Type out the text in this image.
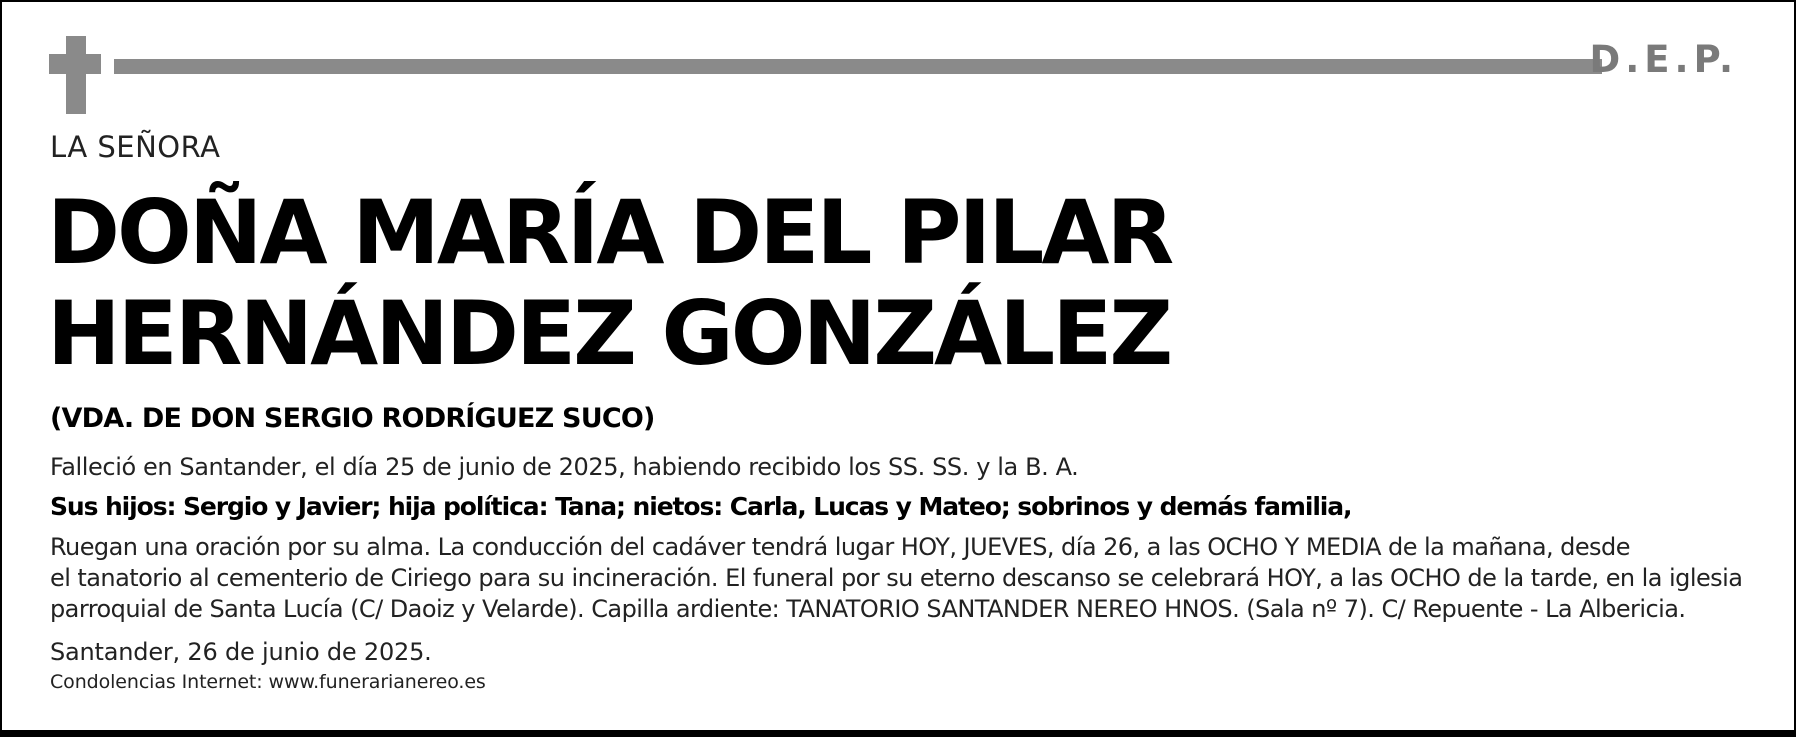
D.E.P.
LA SEÑORA
DOÑA MARÍA DEL PILAR
HERNÁNDEZ GONZÁLEZ
(VDA. DE DON SERGIO RODRÍGUEZ SUCO)
Falleció en Santander, el día 25 de junio de 2025, habiendo recibido los SS. SS. y la B. A.
Sus hijos: Sergio y Javier; hija política: Tana; nietos: Carla, Lucas y Mateo; sobrinos y demás familia,
Ruegan una oración por su alma. La conducción del cadáver tendrá lugar HOY, JUEVES, día 26, a las OCHO Y MEDIA de la mañana, desde
el tanatorio al cementerio de Ciriego para su incineración. El funeral por su eterno descanso se celebrará HOY, a las OCHO de la tarde, en la iglesia
parroquial de Santa Lucía (C/ Daoiz y Velarde). Capilla ardiente: TANATORIO SANTANDER NEREO HNOS. (Sala nº 7). C/ Repuente - La Albericia.
Santander, 26 de junio de 2025.
Condolencias Internet: www.funerarianereo.es
